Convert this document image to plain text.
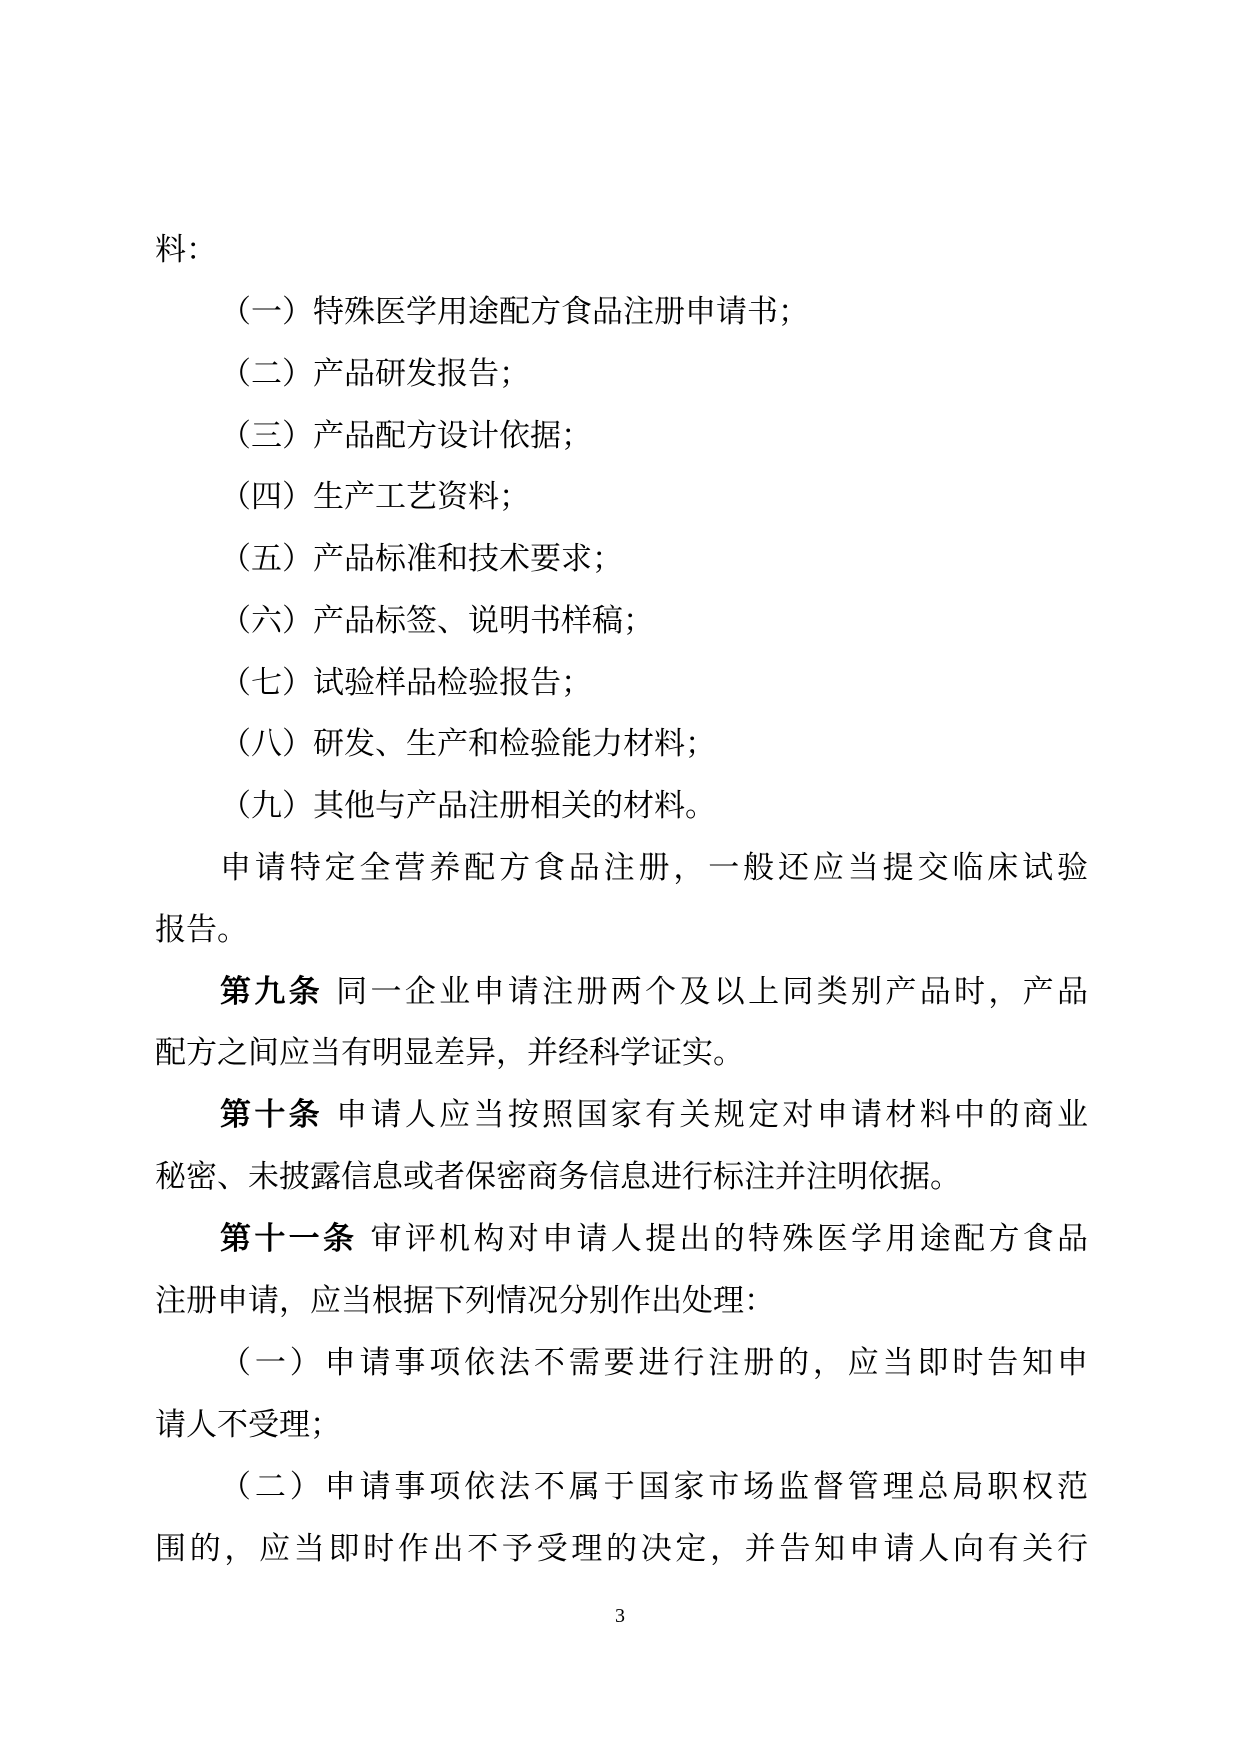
料：
（一）特殊医学用途配方食品注册申请书；
（二）产品研发报告；
（三）产品配方设计依据；
（四）生产工艺资料；
（五）产品标准和技术要求；
（六）产品标签、说明书样稿；
（七）试验样品检验报告；
（八）研发、生产和检验能力材料；
（九）其他与产品注册相关的材料。
申请特定全营养配方食品注册，一般还应当提交临床试验
报告。
第九条 同一企业申请注册两个及以上同类别产品时，产品
配方之间应当有明显差异，并经科学证实。
第十条 申请人应当按照国家有关规定对申请材料中的商业
秘密、未披露信息或者保密商务信息进行标注并注明依据。
第十一条 审评机构对申请人提出的特殊医学用途配方食品
注册申请，应当根据下列情况分别作出处理：
（一）申请事项依法不需要进行注册的，应当即时告知申
请人不受理；
（二）申请事项依法不属于国家市场监督管理总局职权范
围的，应当即时作出不予受理的决定，并告知申请人向有关行
3
